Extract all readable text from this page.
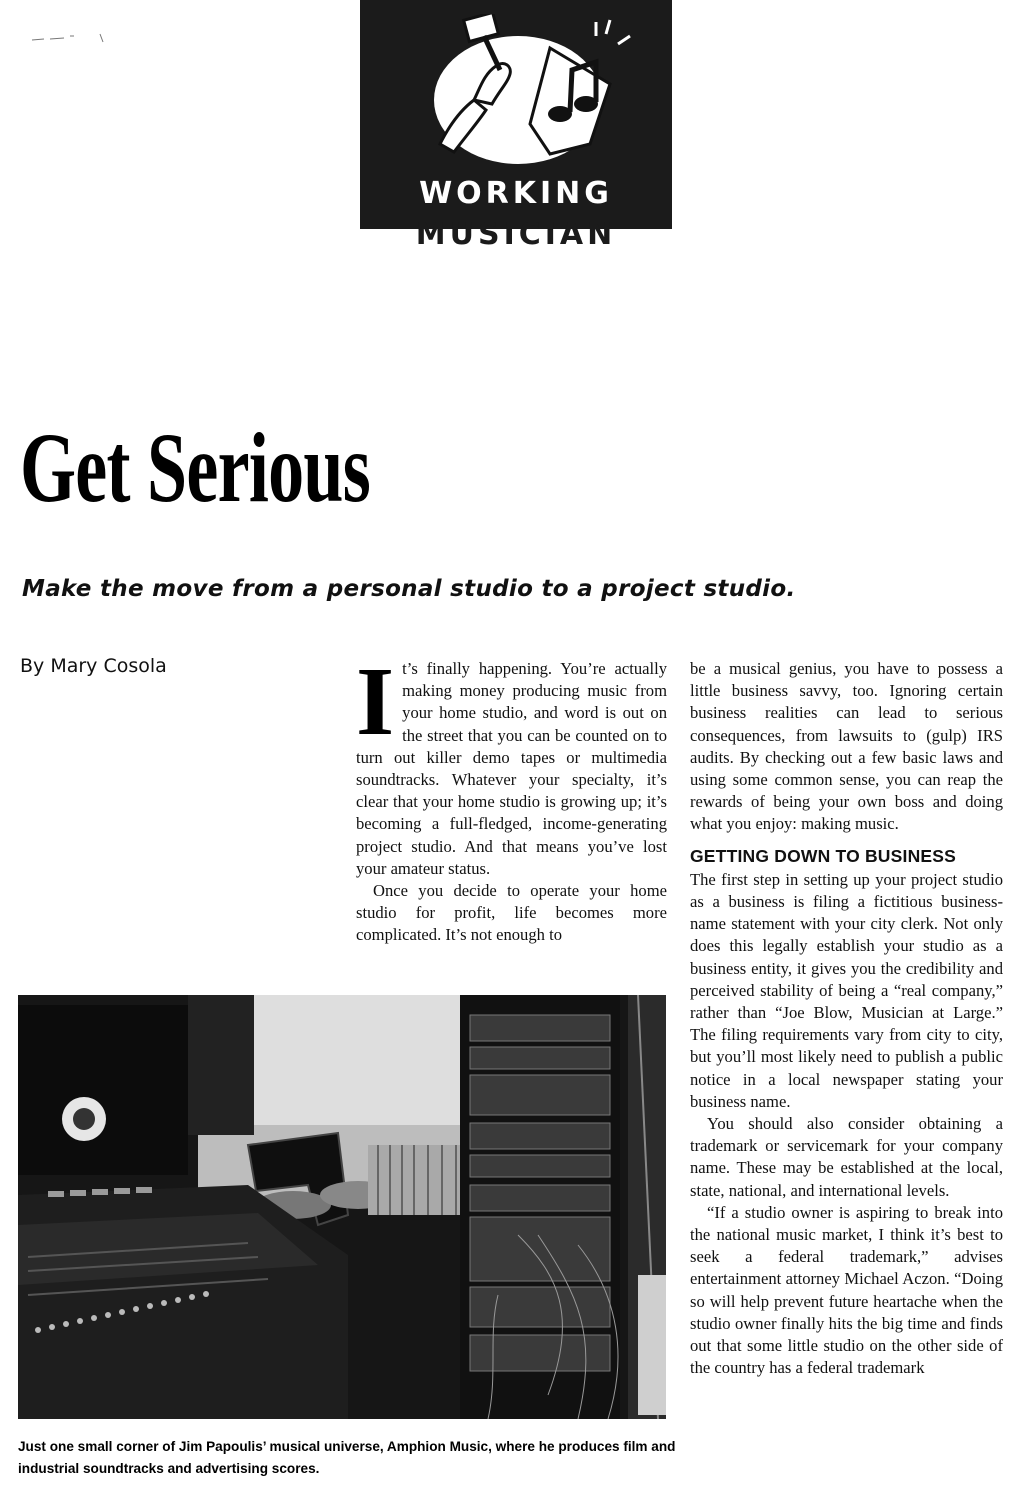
WORKING
MUSICIAN
Get Serious
Make the move from a personal studio to a project studio.
By Mary Cosola It’s finally happening. You’re actually making money producing music from your home studio, and word is out on the street that you can be counted on to turn out killer demo tapes or multimedia soundtracks. Whatever your specialty, it’s clear that your home studio is growing up; it’s becoming a full-fledged, income-generating project studio. And that means you’ve lost your amateur status.

Once you decide to operate your home studio for profit, life becomes more complicated. It’s not enough to

be a musical genius, you have to possess a little business savvy, too. Ignoring certain business realities can lead to serious consequences, from lawsuits to (gulp) IRS audits. By checking out a few basic laws and using some common sense, you can reap the rewards of being your own boss and doing what you enjoy: making music.

GETTING DOWN TO BUSINESS

The first step in setting up your project studio as a business is filing a fictitious business-name statement with your city clerk. Not only does this legally establish your studio as a business entity, it gives you the credibility and perceived stability of being a “real company,” rather than “Joe Blow, Musician at Large.” The filing requirements vary from city to city, but you’ll most likely need to publish a public notice in a local newspaper stating your business name.

You should also consider obtaining a trademark or servicemark for your company name. These may be established at the local, state, national, and international levels.

“If a studio owner is aspiring to break into the national music market, I think it’s best to seek a federal trademark,” advises entertainment attorney Michael Aczon. “Doing so will help prevent future heartache when the studio owner finally hits the big time and finds out that some little studio on the other side of the country has a federal trademark

Just one small corner of Jim Papoulis’ musical universe, Amphion Music, where he produces film and industrial soundtracks and advertising scores.
